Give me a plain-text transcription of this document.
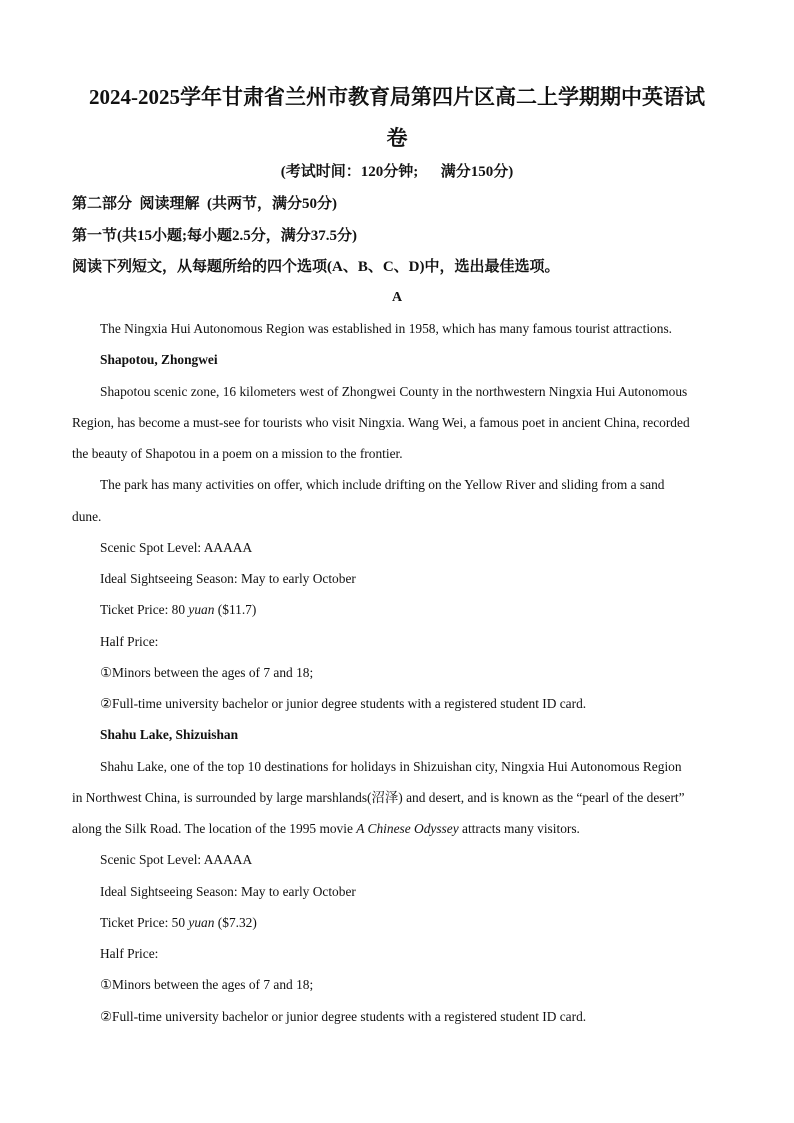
2024-2025学年甘肃省兰州市教育局第四片区高二上学期期中英语试
卷
(考试时间：120分钟;      满分150分)
第二部分  阅读理解  (共两节，满分50分)
第一节(共15小题;每小题2.5分，满分37.5分)
阅读下列短文，从每题所给的四个选项(A、B、C、D)中，选出最佳选项。
A
The Ningxia Hui Autonomous Region was established in 1958, which has many famous tourist attractions.
Shapotou, Zhongwei
Shapotou scenic zone, 16 kilometers west of Zhongwei County in the northwestern Ningxia Hui Autonomous
Region, has become a must-see for tourists who visit Ningxia. Wang Wei, a famous poet in ancient China, recorded
the beauty of Shapotou in a poem on a mission to the frontier.
The park has many activities on offer, which include drifting on the Yellow River and sliding from a sand
dune.
Scenic Spot Level: AAAAA
Ideal Sightseeing Season: May to early October
Ticket Price: 80 yuan ($11.7)
Half Price:
①Minors between the ages of 7 and 18;
②Full-time university bachelor or junior degree students with a registered student ID card.
Shahu Lake, Shizuishan
Shahu Lake, one of the top 10 destinations for holidays in Shizuishan city, Ningxia Hui Autonomous Region
in Northwest China, is surrounded by large marshlands(沼泽) and desert, and is known as the “pearl of the desert”
along the Silk Road. The location of the 1995 movie A Chinese Odyssey attracts many visitors.
Scenic Spot Level: AAAAA
Ideal Sightseeing Season: May to early October
Ticket Price: 50 yuan ($7.32)
Half Price:
①Minors between the ages of 7 and 18;
②Full-time university bachelor or junior degree students with a registered student ID card.
